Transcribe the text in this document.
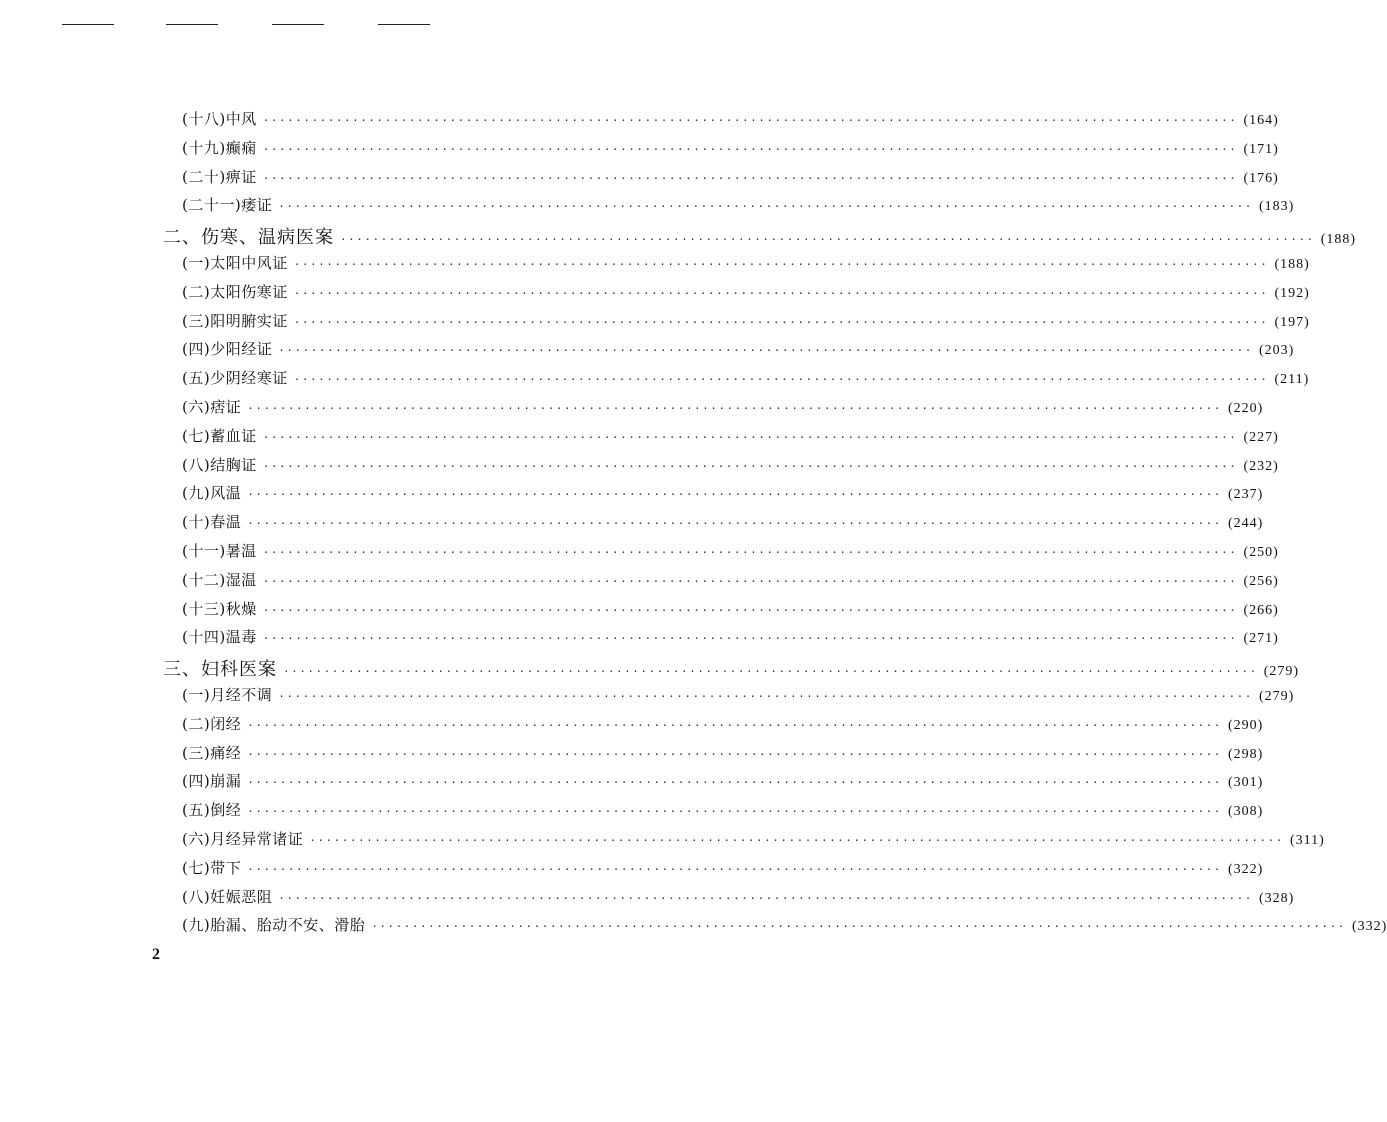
(十八)中风 ························································································································ (164)
(十九)癫痫 ························································································································ (171)
(二十)痹证 ························································································································ (176)
(二十一)痿证 ························································································································ (183)
二、伤寒、温病医案 ························································································································ (188)
(一)太阳中风证 ························································································································ (188)
(二)太阳伤寒证 ························································································································ (192)
(三)阳明腑实证 ························································································································ (197)
(四)少阳经证 ························································································································ (203)
(五)少阴经寒证 ························································································································ (211)
(六)痞证 ························································································································ (220)
(七)蓄血证 ························································································································ (227)
(八)结胸证 ························································································································ (232)
(九)风温 ························································································································ (237)
(十)春温 ························································································································ (244)
(十一)暑温 ························································································································ (250)
(十二)湿温 ························································································································ (256)
(十三)秋燥 ························································································································ (266)
(十四)温毒 ························································································································ (271)
三、妇科医案 ························································································································ (279)
(一)月经不调 ························································································································ (279)
(二)闭经 ························································································································ (290)
(三)痛经 ························································································································ (298)
(四)崩漏 ························································································································ (301)
(五)倒经 ························································································································ (308)
(六)月经异常诸证 ························································································································ (311)
(七)带下 ························································································································ (322)
(八)妊娠恶阻 ························································································································ (328)
(九)胎漏、胎动不安、滑胎 ························································································································ (332)
2
